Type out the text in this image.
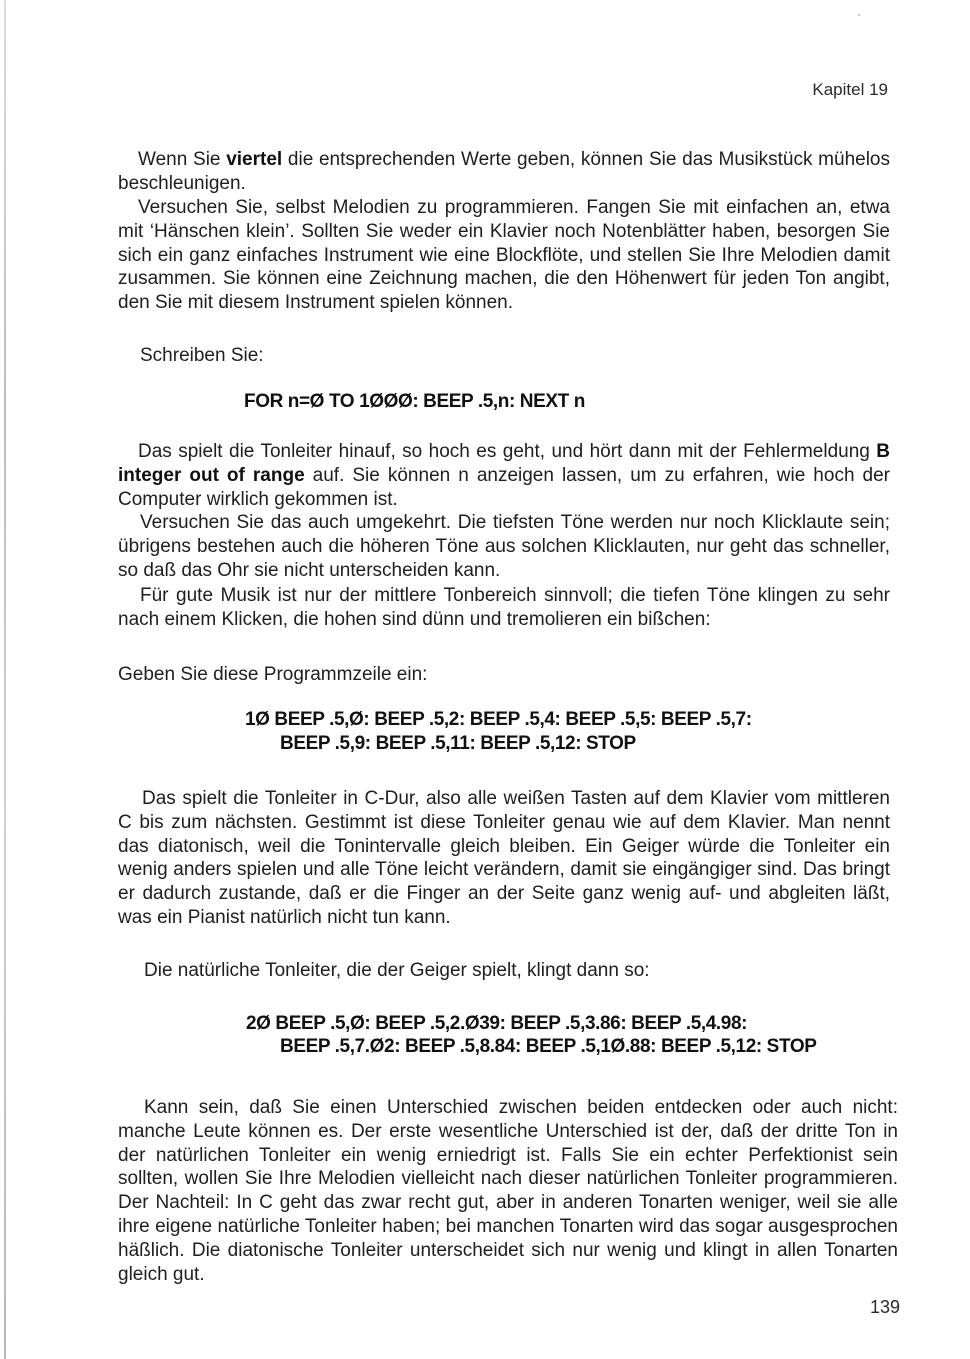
Kapitel 19

Wenn Sie viertel die entsprechenden Werte geben, können Sie das Musikstück mühelos beschleunigen.

Versuchen Sie, selbst Melodien zu programmieren. Fangen Sie mit einfachen an, etwa mit ‘Hänschen klein’. Sollten Sie weder ein Klavier noch Notenblätter haben, besorgen Sie sich ein ganz einfaches Instrument wie eine Blockflöte, und stellen Sie Ihre Melodien damit zusammen. Sie können eine Zeichnung machen, die den Höhenwert für jeden Ton angibt, den Sie mit diesem Instrument spielen können.

Schreiben Sie:

FOR n=Ø TO 1ØØØ: BEEP .5,n: NEXT n

Das spielt die Tonleiter hinauf, so hoch es geht, und hört dann mit der Fehlermeldung B integer out of range auf. Sie können n anzeigen lassen, um zu erfahren, wie hoch der Computer wirklich gekommen ist.

Versuchen Sie das auch umgekehrt. Die tiefsten Töne werden nur noch Klicklaute sein; übrigens bestehen auch die höheren Töne aus solchen Klicklauten, nur geht das schneller, so daß das Ohr sie nicht unterscheiden kann.

Für gute Musik ist nur der mittlere Tonbereich sinnvoll; die tiefen Töne klingen zu sehr nach einem Klicken, die hohen sind dünn und tremolieren ein bißchen:

Geben Sie diese Programmzeile ein:

1Ø BEEP .5,Ø: BEEP .5,2: BEEP .5,4: BEEP .5,5: BEEP .5,7:
BEEP .5,9: BEEP .5,11: BEEP .5,12: STOP

Das spielt die Tonleiter in C-Dur, also alle weißen Tasten auf dem Klavier vom mittleren C bis zum nächsten. Gestimmt ist diese Tonleiter genau wie auf dem Klavier. Man nennt das diatonisch, weil die Tonintervalle gleich bleiben. Ein Geiger würde die Tonleiter ein wenig anders spielen und alle Töne leicht verändern, damit sie eingängiger sind. Das bringt er dadurch zustande, daß er die Finger an der Seite ganz wenig auf- und abgleiten läßt, was ein Pianist natürlich nicht tun kann.

Die natürliche Tonleiter, die der Geiger spielt, klingt dann so:

2Ø BEEP .5,Ø: BEEP .5,2.Ø39: BEEP .5,3.86: BEEP .5,4.98:
BEEP .5,7.Ø2: BEEP .5,8.84: BEEP .5,1Ø.88: BEEP .5,12: STOP

Kann sein, daß Sie einen Unterschied zwischen beiden entdecken oder auch nicht: manche Leute können es. Der erste wesentliche Unterschied ist der, daß der dritte Ton in der natürlichen Tonleiter ein wenig erniedrigt ist. Falls Sie ein echter Perfektionist sein sollten, wollen Sie Ihre Melodien vielleicht nach dieser natürlichen Tonleiter programmieren. Der Nachteil: In C geht das zwar recht gut, aber in anderen Tonarten weniger, weil sie alle ihre eigene natürliche Tonleiter haben; bei manchen Tonarten wird das sogar ausgesprochen häßlich. Die diatonische Tonleiter unterscheidet sich nur wenig und klingt in allen Tonarten gleich gut.

139
